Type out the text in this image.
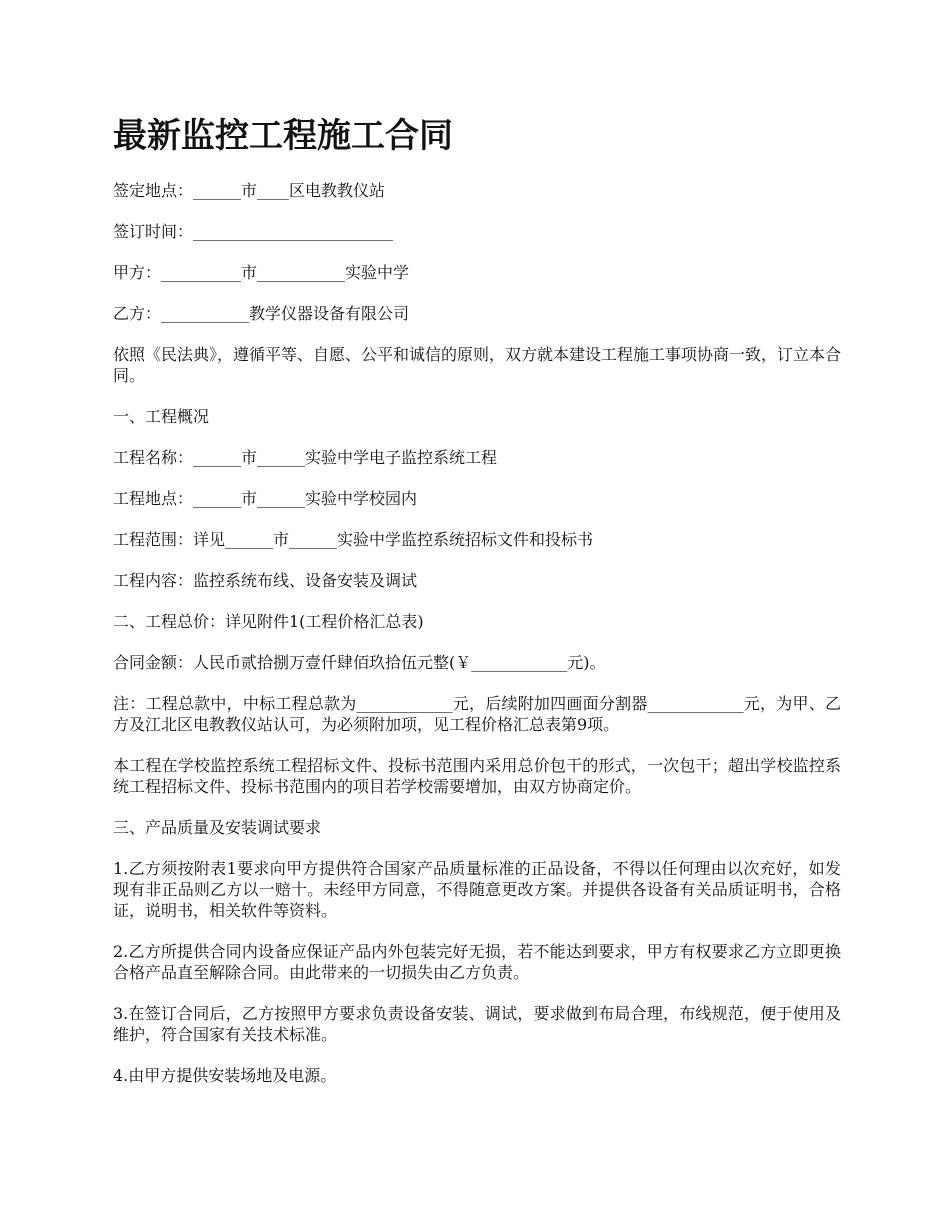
最新监控工程施工合同

签定地点：______市____区电教教仪站

签订时间：_________________________

甲方：__________市___________实验中学

乙方：___________教学仪器设备有限公司

依照《民法典》，遵循平等、自愿、公平和诚信的原则，双方就本建设工程施工事项协商一致，订立本合同。

一、工程概况

工程名称：______市______实验中学电子监控系统工程

工程地点：______市______实验中学校园内

工程范围：详见______市______实验中学监控系统招标文件和投标书

工程内容：监控系统布线、设备安装及调试

二、工程总价：详见附件1(工程价格汇总表)

合同金额：人民币贰拾捌万壹仟肆佰玖拾伍元整(￥____________元)。

注：工程总款中，中标工程总款为____________元，后续附加四画面分割器____________元，为甲、乙方及江北区电教教仪站认可，为必须附加项，见工程价格汇总表第9项。

本工程在学校监控系统工程招标文件、投标书范围内采用总价包干的形式，一次包干；超出学校监控系统工程招标文件、投标书范围内的项目若学校需要增加，由双方协商定价。

三、产品质量及安装调试要求

1.乙方须按附表1要求向甲方提供符合国家产品质量标准的正品设备，不得以任何理由以次充好，如发现有非正品则乙方以一赔十。未经甲方同意，不得随意更改方案。并提供各设备有关品质证明书，合格证，说明书，相关软件等资料。

2.乙方所提供合同内设备应保证产品内外包装完好无损，若不能达到要求，甲方有权要求乙方立即更换合格产品直至解除合同。由此带来的一切损失由乙方负责。

3.在签订合同后，乙方按照甲方要求负责设备安装、调试，要求做到布局合理，布线规范，便于使用及维护，符合国家有关技术标准。

4.由甲方提供安装场地及电源。
